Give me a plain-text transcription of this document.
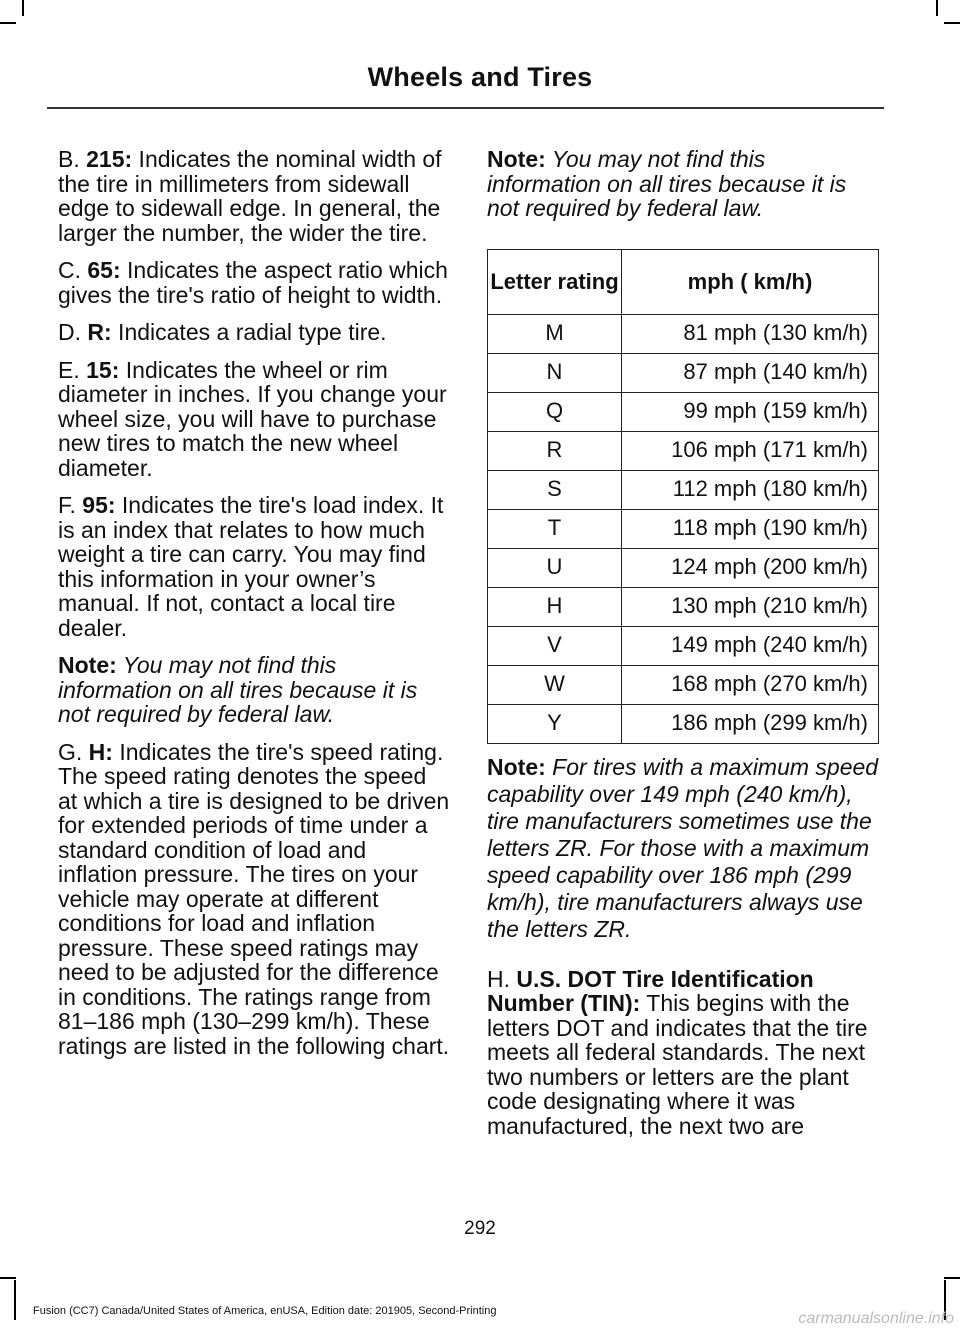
Wheels and Tires

B. 215: Indicates the nominal width of the tire in millimeters from sidewall edge to sidewall edge. In general, the larger the number, the wider the tire.

C. 65: Indicates the aspect ratio which gives the tire's ratio of height to width.

D. R: Indicates a radial type tire.

E. 15: Indicates the wheel or rim diameter in inches. If you change your wheel size, you will have to purchase new tires to match the new wheel diameter.

F. 95: Indicates the tire's load index. It is an index that relates to how much weight a tire can carry. You may find this information in your owner’s manual. If not, contact a local tire dealer.

Note: You may not find this information on all tires because it is not required by federal law.

G. H: Indicates the tire's speed rating. The speed rating denotes the speed at which a tire is designed to be driven for extended periods of time under a standard condition of load and inflation pressure. The tires on your vehicle may operate at different conditions for load and inflation pressure. These speed ratings may need to be adjusted for the difference in conditions. The ratings range from 81–186 mph (130–299 km/h). These ratings are listed in the following chart.

Note: You may not find this information on all tires because it is not required by federal law.

Letter rating	mph ( km/h)
M	81 mph (130 km/h)
N	87 mph (140 km/h)
Q	99 mph (159 km/h)
R	106 mph (171 km/h)
S	112 mph (180 km/h)
T	118 mph (190 km/h)
U	124 mph (200 km/h)
H	130 mph (210 km/h)
V	149 mph (240 km/h)
W	168 mph (270 km/h)
Y	186 mph (299 km/h)

Note: For tires with a maximum speed capability over 149 mph (240 km/h), tire manufacturers sometimes use the letters ZR. For those with a maximum speed capability over 186 mph (299 km/h), tire manufacturers always use the letters ZR.

H. U.S. DOT Tire Identification Number (TIN): This begins with the letters DOT and indicates that the tire meets all federal standards. The next two numbers or letters are the plant code designating where it was manufactured, the next two are

292
Fusion (CC7) Canada/United States of America, enUSA, Edition date: 201905, Second-Printing	carmanualsonline.info
